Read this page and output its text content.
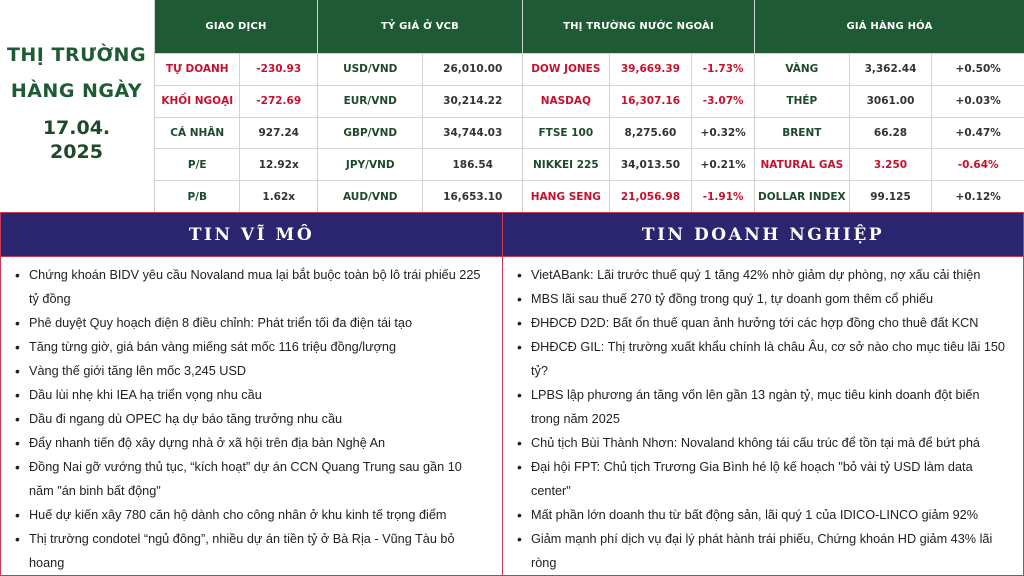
THỊ TRƯỜNG
HÀNG NGÀY
17.04.
2025
GIAO DỊCH
TỰ DOANH	-230.93
KHỐI NGOẠI	-272.69
CÁ NHÂN	927.24
P/E	12.92x
P/B	1.62x
TỶ GIÁ Ở VCB
USD/VND	26,010.00
EUR/VND	30,214.22
GBP/VND	34,744.03
JPY/VND	186.54
AUD/VND	16,653.10
THỊ TRƯỜNG NƯỚC NGOÀI
DOW JONES	39,669.39	-1.73%
NASDAQ	16,307.16	-3.07%
FTSE 100	8,275.60	+0.32%
NIKKEI 225	34,013.50	+0.21%
HANG SENG	21,056.98	-1.91%
GIÁ HÀNG HÓA
VÀNG	3,362.44	+0.50%
THÉP	3061.00	+0.03%
BRENT	66.28	+0.47%
NATURAL GAS	3.250	-0.64%
DOLLAR INDEX	99.125	+0.12%
TIN VĨ MÔ
• Chứng khoán BIDV yêu cầu Novaland mua lại bắt buộc toàn bộ lô trái phiếu 225 tỷ đồng
• Phê duyệt Quy hoạch điện 8 điều chỉnh: Phát triển tối đa điện tái tạo
• Tăng từng giờ, giá bán vàng miếng sát mốc 116 triệu đồng/lượng
• Vàng thế giới tăng lên mốc 3,245 USD
• Dầu lùi nhẹ khi IEA hạ triển vọng nhu cầu
• Dầu đi ngang dù OPEC hạ dự báo tăng trưởng nhu cầu
• Đẩy nhanh tiến độ xây dựng nhà ở xã hội trên địa bàn Nghệ An
• Đồng Nai gỡ vướng thủ tục, “kích hoạt” dự án CCN Quang Trung sau gần 10 năm "án binh bất động"
• Huế dự kiến xây 780 căn hộ dành cho công nhân ở khu kinh tế trọng điểm
• Thị trường condotel “ngủ đông”, nhiều dự án tiền tỷ ở Bà Rịa - Vũng Tàu bỏ hoang
TIN DOANH NGHIỆP
• VietABank: Lãi trước thuế quý 1 tăng 42% nhờ giảm dự phòng, nợ xấu cải thiện
• MBS lãi sau thuế 270 tỷ đồng trong quý 1, tự doanh gom thêm cổ phiếu
• ĐHĐCĐ D2D: Bất ổn thuế quan ảnh hưởng tới các hợp đồng cho thuê đất KCN
• ĐHĐCĐ GIL: Thị trường xuất khẩu chính là châu Âu, cơ sở nào cho mục tiêu lãi 150 tỷ?
• LPBS lập phương án tăng vốn lên gần 13 ngàn tỷ, mục tiêu kinh doanh đột biến trong năm 2025
• Chủ tịch Bùi Thành Nhơn: Novaland không tái cấu trúc để tồn tại mà để bứt phá
• Đại hội FPT: Chủ tịch Trương Gia Bình hé lộ kế hoạch "bỏ vài tỷ USD làm data center"
• Mất phần lớn doanh thu từ bất động sản, lãi quý 1 của IDICO-LINCO giảm 92%
• Giảm mạnh phí dịch vụ đại lý phát hành trái phiếu, Chứng khoán HD giảm 43% lãi ròng
